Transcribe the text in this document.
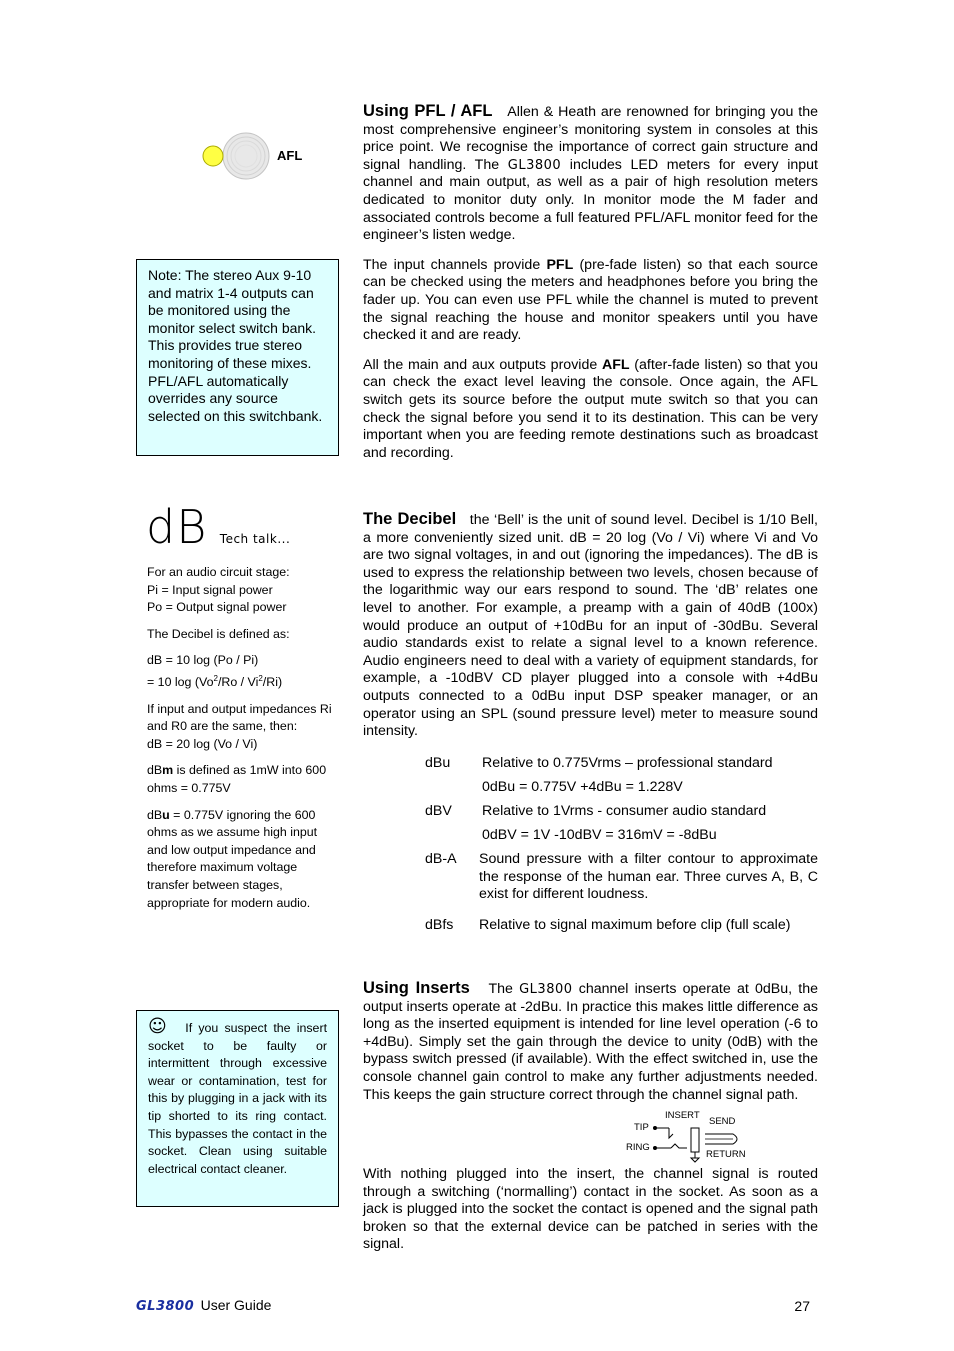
AFL
Note: The stereo Aux 9-10 and matrix 1-4 outputs can be monitored using the monitor select switch bank. This provides true stereo monitoring of these mixes. PFL/AFL automatically overrides any source selected on this switchbank.

Using PFL / AFL Allen & Heath are renowned for bringing you the most comprehensive engineer’s monitoring system in consoles at this price point. We recognise the importance of correct gain structure and signal handling. The GL3800 includes LED meters for every input channel and main output, as well as a pair of high resolution meters dedicated to monitor duty only. In monitor mode the M fader and associated controls become a full featured PFL/AFL monitor feed for the engineer’s listen wedge.

The input channels provide PFL (pre-fade listen) so that each source can be checked using the meters and headphones before you bring the fader up. You can even use PFL while the channel is muted to prevent the signal reaching the house and monitor speakers until you have checked it and are ready.

All the main and aux outputs provide AFL (after-fade listen) so that you can check the exact level leaving the console. Once again, the AFL switch gets its source before the output mute switch so that you can check the signal before you send it to its destination. This can be very important when you are feeding remote destinations such as broadcast and recording.

dB Tech talk...

For an audio circuit stage:

Pi = Input signal power

Po = Output signal power

The Decibel is defined as:

dB = 10 log (Po / Pi)

= 10 log (Vo$^2$/Ro / Vi$^2$/Ri)

If input and output impedances Ri and R0 are the same, then:

dB = 20 log (Vo / Vi)

dBm is defined as 1mW into 600 ohms = 0.775V

dBu = 0.775V ignoring the 600 ohms as we assume high input and low output impedance and therefore maximum voltage transfer between stages, appropriate for modern audio.

The Decibel the ‘Bell’ is the unit of sound level. Decibel is 1/10 Bell, a more conveniently sized unit. dB = 20 log (Vo / Vi) where Vi and Vo are two signal voltages, in and out (ignoring the impedances). The dB is used to express the relationship between two levels, chosen because of the logarithmic way our ears respond to sound. The ‘dB’ relates one level to another. For example, a preamp with a gain of 40dB (100x) would produce an output of +10dBu for an input of -30dBu. Several audio standards exist to relate a signal level to a known reference. Audio engineers need to deal with a variety of equipment standards, for example, a -10dBV CD player plugged into a console with +4dBu outputs connected to a 0dBu input DSP speaker manager, or an operator using an SPL (sound pressure level) meter to measure sound intensity.

dBu	Relative to 0.775Vrms – professional standard
	0dBu = 0.775V +4dBu = 1.228V
dBV	Relative to 1Vrms - consumer audio standard
	0dBV = 1V -10dBV = 316mV = -8dBu
dB-A	Sound pressure with a filter contour to approximate the response of the human ear. Three curves A, B, C exist for different loudness.
dBfs	Relative to signal maximum before clip (full scale)
☺ If you suspect the insert socket to be faulty or intermittent through excessive wear or contamination, test for this by plugging in a jack with its tip shorted to its ring contact. This bypasses the contact in the socket. Clean using suitable electrical contact cleaner.

Using Inserts The GL3800 channel inserts operate at 0dBu, the output inserts operate at -2dBu. In practice this makes little difference as long as the inserted equipment is intended for line level operation (-6 to +4dBu). Simply set the gain through the device to unity (0dB) with the bypass switch pressed (if available). With the effect switched in, use the console channel gain control to make any further adjustments needed. This keeps the gain structure correct through the channel signal path.

INSERT
TIP
RING
SEND
RETURN

With nothing plugged into the insert, the channel signal is routed through a switching (‘normalling’) contact in the socket. As soon as a jack is plugged into the socket the contact is opened and the signal path broken so that the external device can be patched in series with the signal.

GL3800 User Guide	27
